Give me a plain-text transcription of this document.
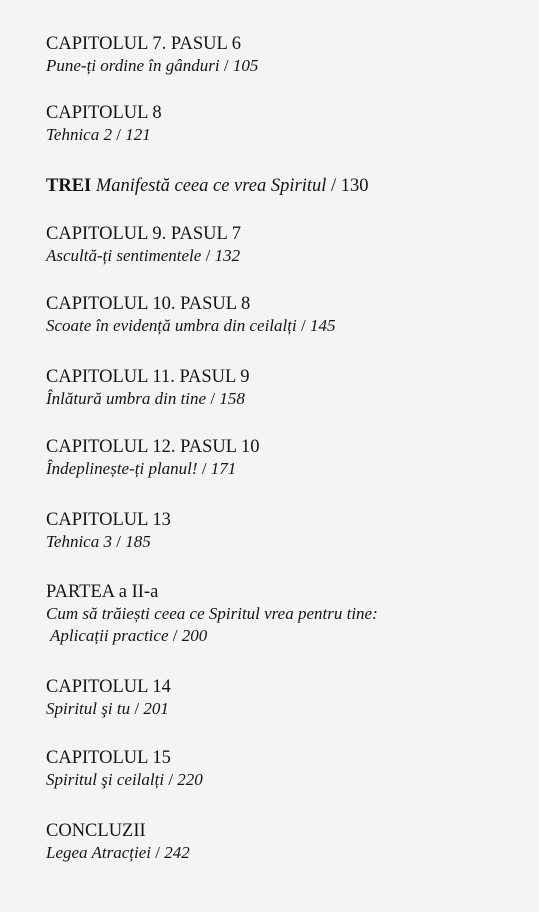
CAPITOLUL 7. PASUL 6
Pune-ți ordine în gânduri / 105
CAPITOLUL 8
Tehnica 2 / 121
TREI Manifestă ceea ce vrea Spiritul / 130
CAPITOLUL 9. PASUL 7
Ascultă-ți sentimentele / 132
CAPITOLUL 10. PASUL 8
Scoate în evidență umbra din ceilalți / 145
CAPITOLUL 11. PASUL 9
Înlătură umbra din tine / 158
CAPITOLUL 12. PASUL 10
Îndeplinește-ți planul! / 171
CAPITOLUL 13
Tehnica 3 / 185
PARTEA a II-a
Cum să trăiești ceea ce Spiritul vrea pentru tine:
Aplicații practice / 200
CAPITOLUL 14
Spiritul şi tu / 201
CAPITOLUL 15
Spiritul şi ceilalți / 220
CONCLUZII
Legea Atracției / 242
